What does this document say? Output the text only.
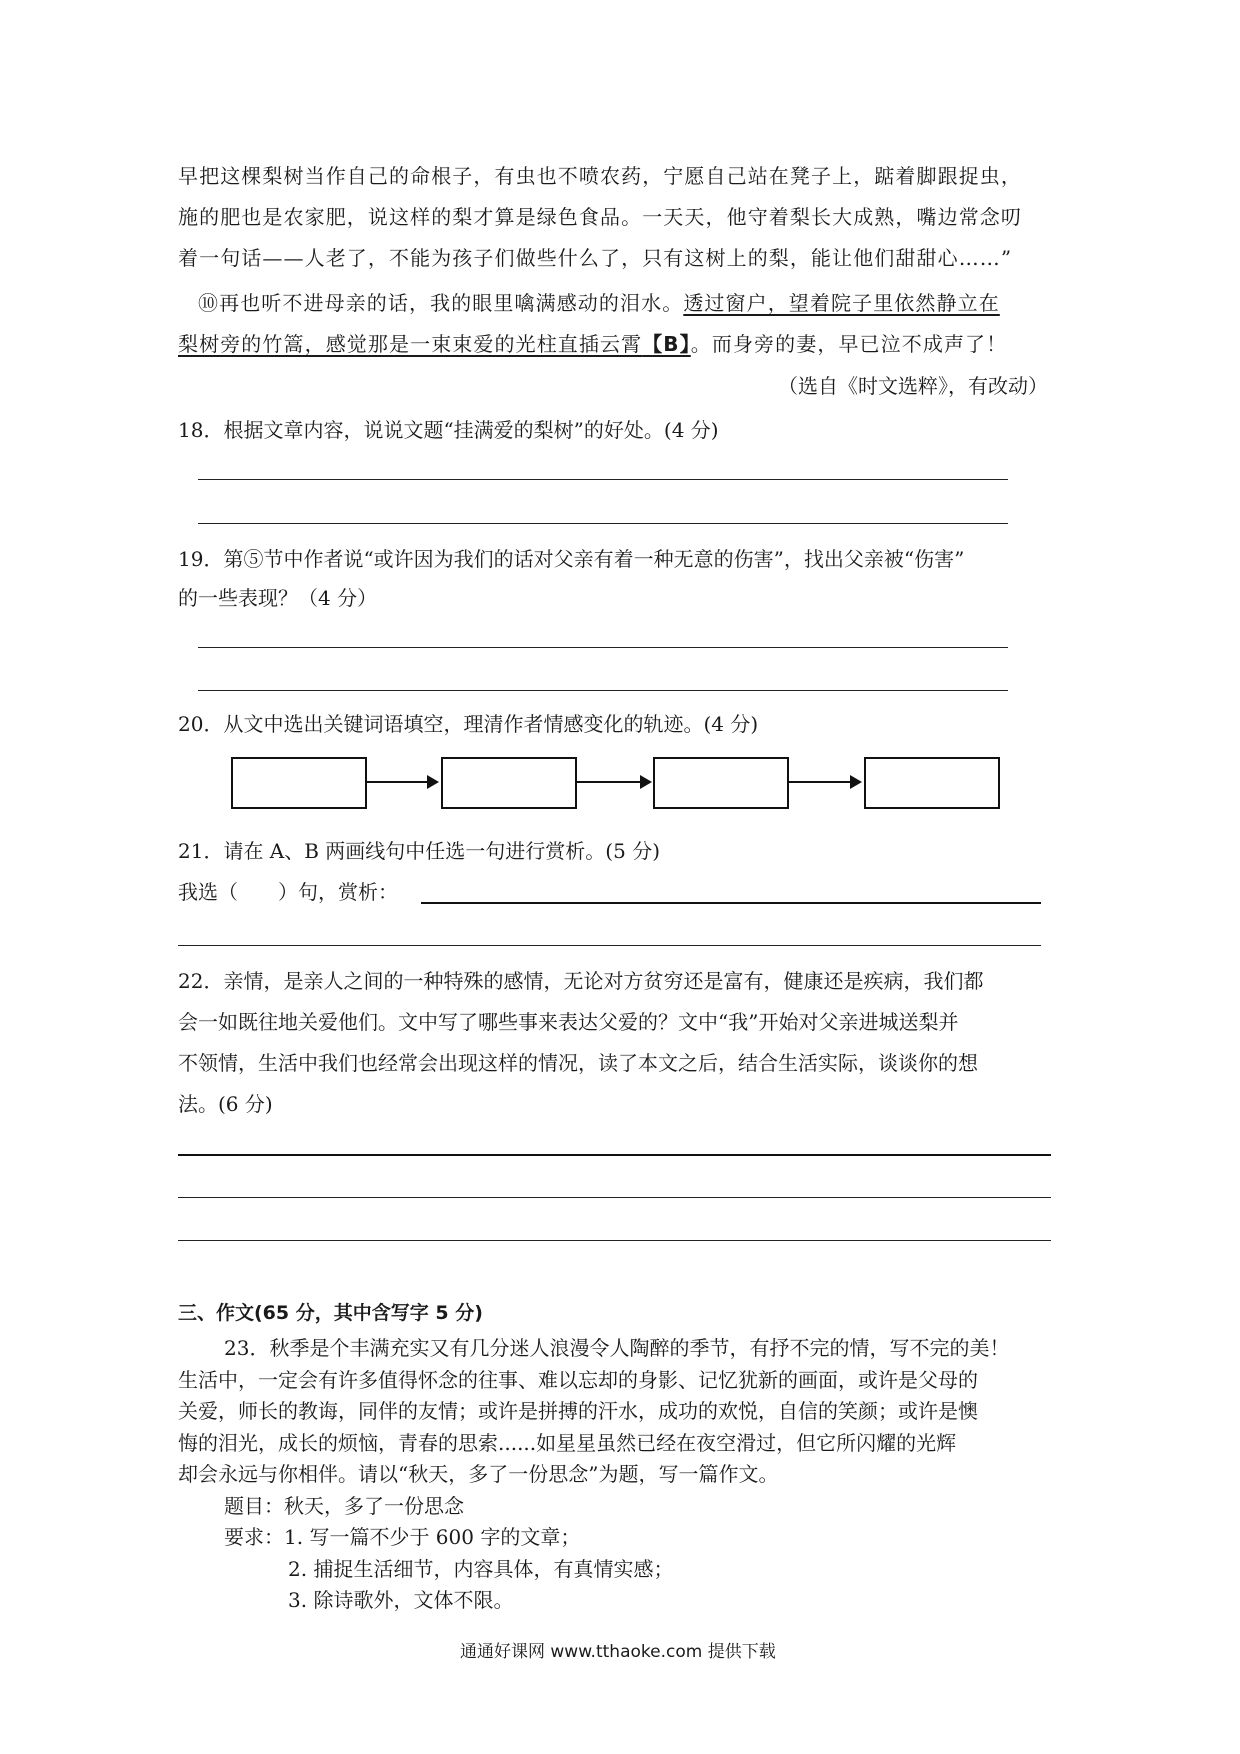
早把这棵梨树当作自己的命根子，有虫也不喷农药，宁愿自己站在凳子上，踮着脚跟捉虫，
施的肥也是农家肥，说这样的梨才算是绿色食品。一天天，他守着梨长大成熟，嘴边常念叨
着一句话——人老了，不能为孩子们做些什么了，只有这树上的梨，能让他们甜甜心……”
⑩再也听不进母亲的话，我的眼里噙满感动的泪水。透过窗户，望着院子里依然静立在
梨树旁的竹篙，感觉那是一束束爱的光柱直插云霄【B】。而身旁的妻，早已泣不成声了！
（选自《时文选粹》，有改动）
18．根据文章内容，说说文题“挂满爱的梨树”的好处。(4 分)
19．第⑤节中作者说“或许因为我们的话对父亲有着一种无意的伤害”，找出父亲被“伤害”
的一些表现？（4 分）
20．从文中选出关键词语填空，理清作者情感变化的轨迹。(4 分)
21．请在 A、B 两画线句中任选一句进行赏析。(5 分)
我选（　　）句，赏析：
22．亲情，是亲人之间的一种特殊的感情，无论对方贫穷还是富有，健康还是疾病，我们都
会一如既往地关爱他们。文中写了哪些事来表达父爱的？文中“我”开始对父亲进城送梨并
不领情，生活中我们也经常会出现这样的情况，读了本文之后，结合生活实际，谈谈你的想
法。(6 分)
三、作文(65 分，其中含写字 5 分)
23．秋季是个丰满充实又有几分迷人浪漫令人陶醉的季节，有抒不完的情，写不完的美！
生活中，一定会有许多值得怀念的往事、难以忘却的身影、记忆犹新的画面，或许是父母的
关爱，师长的教诲，同伴的友情；或许是拼搏的汗水，成功的欢悦，自信的笑颜；或许是懊
悔的泪光，成长的烦恼，青春的思索......如星星虽然已经在夜空滑过，但它所闪耀的光辉
却会永远与你相伴。请以“秋天，多了一份思念”为题，写一篇作文。
题目：秋天，多了一份思念
要求：1. 写一篇不少于 600 字的文章；
2. 捕捉生活细节，内容具体，有真情实感；
3. 除诗歌外，文体不限。
通通好课网 www.tthaoke.com 提供下载
